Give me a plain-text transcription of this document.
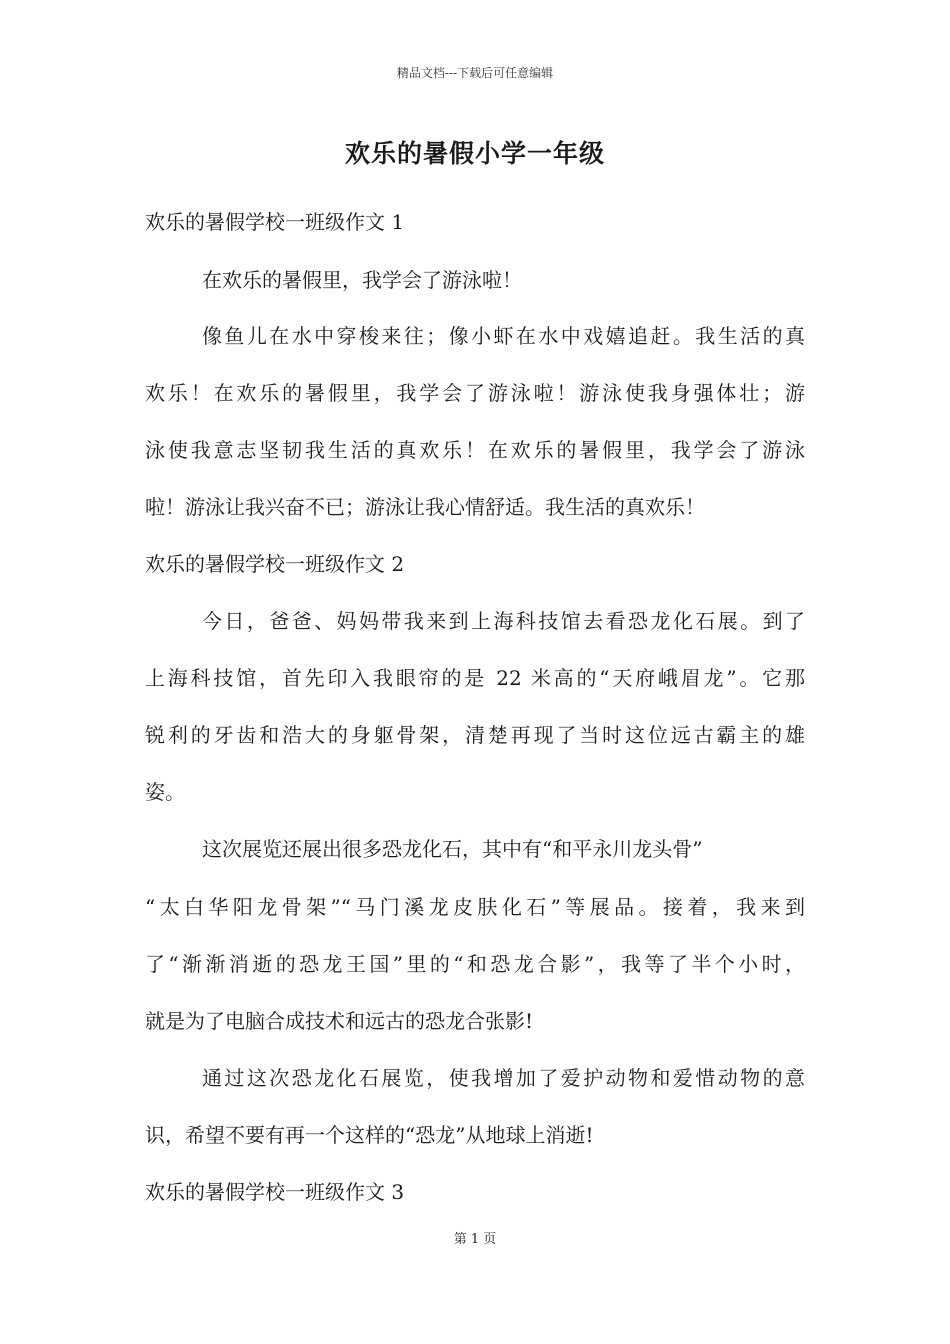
精品文档---下载后可任意编辑
欢乐的暑假小学一年级
欢乐的暑假学校一班级作文 1
在欢乐的暑假里，我学会了游泳啦！
像鱼儿在水中穿梭来往；像小虾在水中戏嬉追赶。我生活的真
欢乐！在欢乐的暑假里，我学会了游泳啦！游泳使我身强体壮；游
泳使我意志坚韧我生活的真欢乐！在欢乐的暑假里，我学会了游泳
啦！游泳让我兴奋不已；游泳让我心情舒适。我生活的真欢乐！
欢乐的暑假学校一班级作文 2
今日，爸爸、妈妈带我来到上海科技馆去看恐龙化石展。到了
上海科技馆，首先印入我眼帘的是 22 米高的“天府峨眉龙”。它那
锐利的牙齿和浩大的身躯骨架，清楚再现了当时这位远古霸主的雄
姿。
这次展览还展出很多恐龙化石，其中有“和平永川龙头骨”
“太白华阳龙骨架”“马门溪龙皮肤化石”等展品。接着，我来到
了“渐渐消逝的恐龙王国”里的“和恐龙合影”，我等了半个小时，
就是为了电脑合成技术和远古的恐龙合张影!
通过这次恐龙化石展览，使我增加了爱护动物和爱惜动物的意
识，希望不要有再一个这样的“恐龙”从地球上消逝!
欢乐的暑假学校一班级作文 3
第 1 页
